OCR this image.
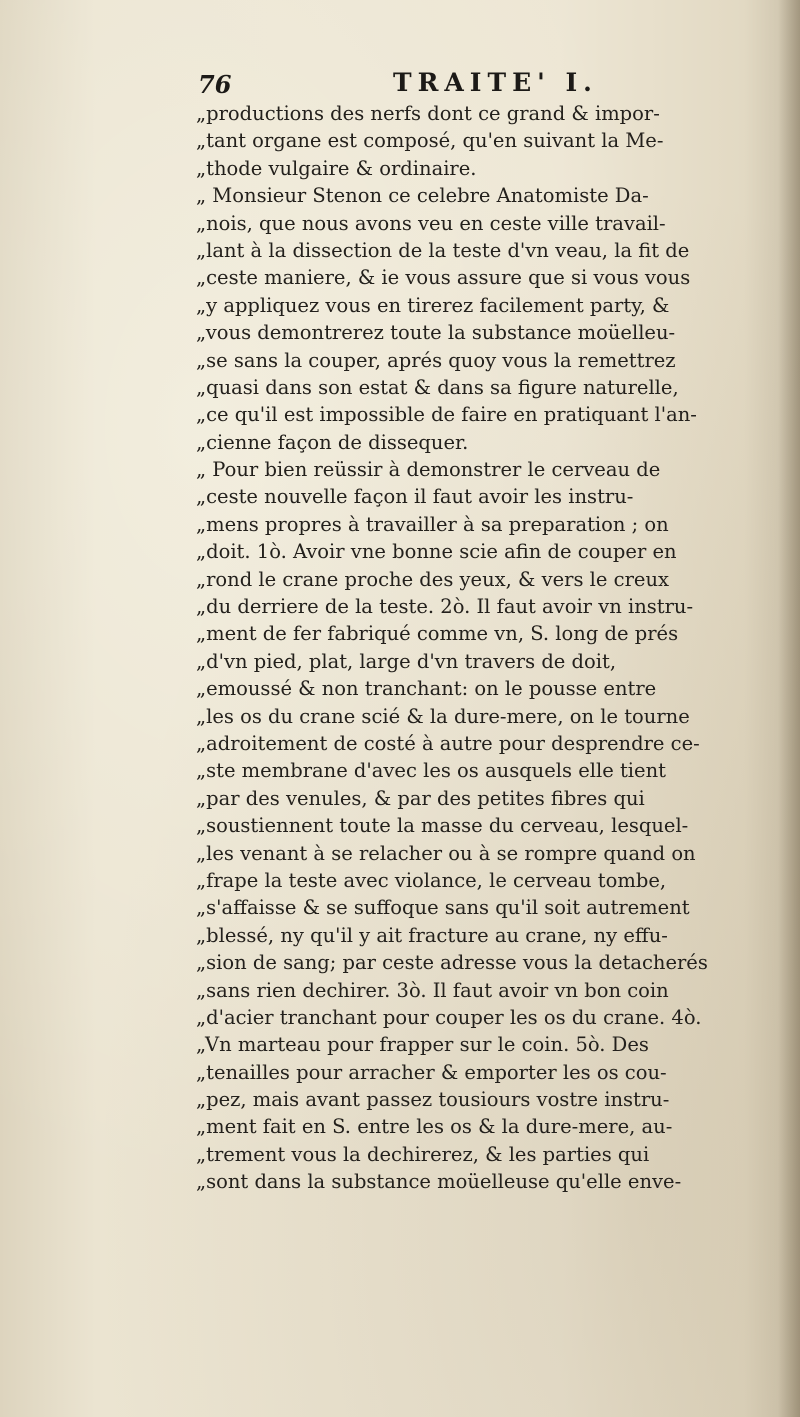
76	TRAITE' I.
„productions des nerfs dont ce grand & impor-
„tant organe est composé, qu'en suivant la Me-
„thode vulgaire & ordinaire.
„ Monsieur Stenon ce celebre Anatomiste Da-
„nois, que nous avons veu en ceste ville travail-
„lant à la dissection de la teste d'vn veau, la fit de
„ceste maniere, & ie vous assure que si vous vous
„y appliquez vous en tirerez facilement party, &
„vous demontrerez toute la substance moüelleu-
„se sans la couper, aprés quoy vous la remettrez
„quasi dans son estat & dans sa figure naturelle,
„ce qu'il est impossible de faire en pratiquant l'an-
„cienne façon de dissequer.
„ Pour bien reüssir à demonstrer le cerveau de
„ceste nouvelle façon il faut avoir les instru-
„mens propres à travailler à sa preparation ; on
„doit. 1ò. Avoir vne bonne scie afin de couper en
„rond le crane proche des yeux, & vers le creux
„du derriere de la teste. 2ò. Il faut avoir vn instru-
„ment de fer fabriqué comme vn, S. long de prés
„d'vn pied, plat, large d'vn travers de doit,
„emoussé & non tranchant: on le pousse entre
„les os du crane scié & la dure-mere, on le tourne
„adroitement de costé à autre pour desprendre ce-
„ste membrane d'avec les os ausquels elle tient
„par des venules, & par des petites fibres qui
„soustiennent toute la masse du cerveau, lesquel-
„les venant à se relacher ou à se rompre quand on
„frape la teste avec violance, le cerveau tombe,
„s'affaisse & se suffoque sans qu'il soit autrement
„blessé, ny qu'il y ait fracture au crane, ny effu-
„sion de sang; par ceste adresse vous la detacherés
„sans rien dechirer. 3ò. Il faut avoir vn bon coin
„d'acier tranchant pour couper les os du crane. 4ò.
„Vn marteau pour frapper sur le coin. 5ò. Des
„tenailles pour arracher & emporter les os cou-
„pez, mais avant passez tousiours vostre instru-
„ment fait en S. entre les os & la dure-mere, au-
„trement vous la dechirerez, & les parties qui
„sont dans la substance moüelleuse qu'elle enve-
